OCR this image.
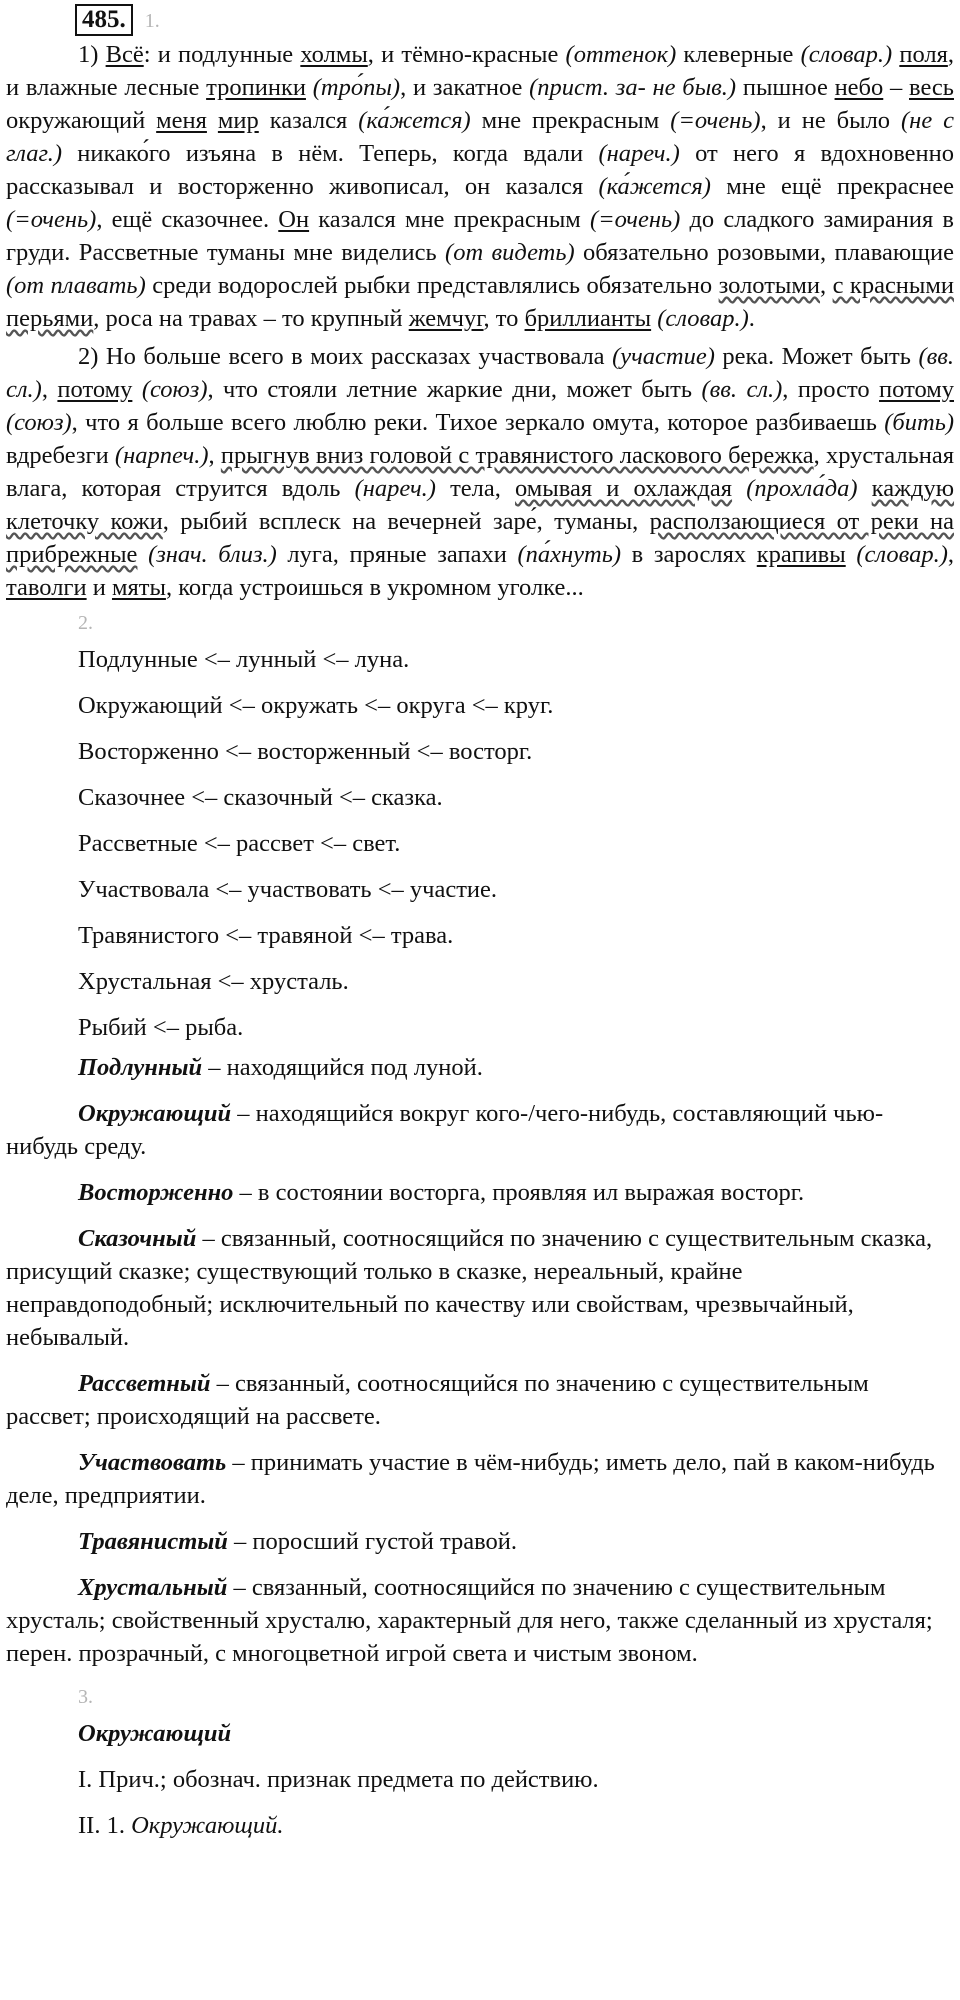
485. 1.

1) Всё: и подлунные холмы, и тёмно-красные (оттенок) клеверные (словар.) поля, и влажные лесные тропинки (тро́пы), и закатное (прист. за- не быв.) пышное небо – весь окружающий меня мир казался (ка́жется) мне прекрасным (=очень), и не было (не с глаг.) никако́го изъяна в нём. Теперь, когда вдали (нареч.) от него я вдохновенно рассказывал и восторженно живописал, он казался (ка́жется) мне ещё прекраснее (=очень), ещё сказочнее. Он казался мне прекрасным (=очень) до сладкого замирания в груди. Рассветные туманы мне виделись (от видеть) обязательно розовыми, плавающие (от плавать) среди водорослей рыбки представлялись обязательно золотыми, с красными перьями, роса на травах – то крупный жемчуг, то бриллианты (словар.).

2) Но больше всего в моих рассказах участвовала (участие) река. Может быть (вв. сл.), потому (союз), что стояли летние жаркие дни, может быть (вв. сл.), просто потому (союз), что я больше всего люблю реки. Тихое зеркало омута, которое разбиваешь (бить) вдребезги (нарпеч.), прыгнув вниз головой с травянистого ласкового бережка, хрустальная влага, которая струится вдоль (нареч.) тела, омывая и охлаждая (прохла́да) каждую клеточку кожи, рыбий всплеск на вечерней заре́, туманы, расползающиеся от реки на прибрежные (знач. близ.) луга, пряные запахи (па́хнуть) в зарослях крапивы (словар.), таволги и мяты, когда устроишься в укромном уголке...

2.
Подлунные <– лунный <– луна.
Окружающий <– окружать <– округа <– круг.
Восторженно <– восторженный <– восторг.
Сказочнее <– сказочный <– сказка.
Рассветные <– рассвет <– свет.
Участвовала <– участвовать <– участие.
Травянистого <– травяной <– трава.
Хрустальная <– хрусталь.
Рыбий <– рыба.

Подлунный – находящийся под луной.

Окружающий – находящийся вокруг кого-/чего-нибудь, составляющий чью-нибудь среду.

Восторженно – в состоянии восторга, проявляя ил выражая восторг.

Сказочный – связанный, соотносящийся по значению с существительным сказка, присущий сказке; существующий только в сказке, нереальный, крайне неправдоподобный; исключительный по качеству или свойствам, чрезвычайный, небывалый.

Рассветный – связанный, соотносящийся по значению с существительным рассвет; происходящий на рассвете.

Участвовать – принимать участие в чём-нибудь; иметь дело, пай в каком-нибудь деле, предприятии.

Травянистый – поросший густой травой.

Хрустальный – связанный, соотносящийся по значению с существительным хрусталь; свойственный хрусталю, характерный для него, также сделанный из хрусталя; перен. прозрачный, с многоцветной игрой света и чистым звоном.

3.
Окружающий
I. Прич.; обознач. признак предмета по действию.
II. 1. Окружающий.
